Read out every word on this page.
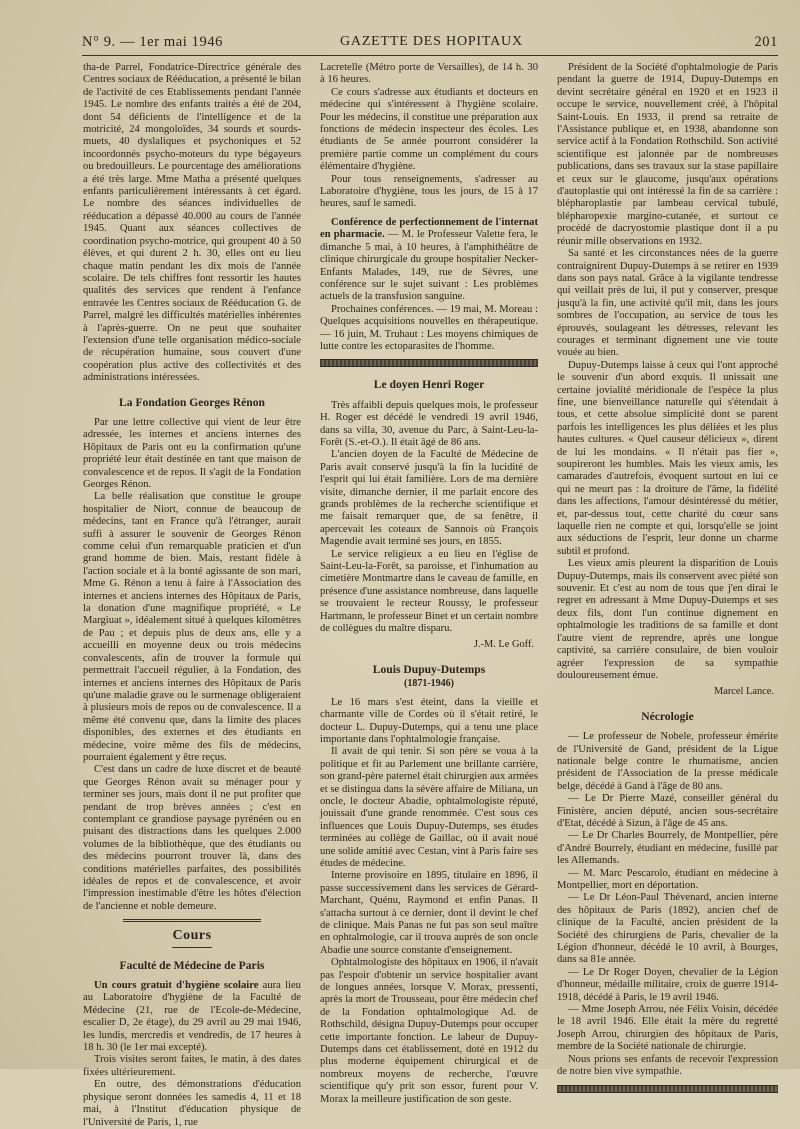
N° 9. — 1er mai 1946	GAZETTE DES HOPITAUX	201

tha-de Parrel, Fondatrice-Directrice générale des Centres sociaux de Rééducation, a présenté le bilan de l'activité de ces Etablissements pendant l'année 1945. Le nombre des enfants traités a été de 204, dont 54 déficients de l'intelligence et de la motricité, 24 mongoloïdes, 34 sourds et sourds-muets, 40 dyslaliques et psychoniques et 52 incoordonnés psycho-moteurs du type bégayeurs ou bredouilleurs. Le pourcentage des améliorations a été très large. Mme Matha a présenté quelques enfants particulièrement intéressants à cet égard. Le nombre des séances individuelles de rééducation a dépassé 40.000 au cours de l'année 1945. Quant aux séances collectives de coordination psycho-motrice, qui groupent 40 à 50 élèves, et qui durent 2 h. 30, elles ont eu lieu chaque matin pendant les dix mois de l'année scolaire. De tels chiffres font ressortir les hautes qualités des services que rendent à l'enfance entravée les Centres sociaux de Rééducation G. de Parrel, malgré les difficultés matérielles inhérentes à l'après-guerre. On ne peut que souhaiter l'extension d'une telle organisation médico-sociale de récupération humaine, sous couvert d'une coopération plus active des collectivités et des administrations intéressées.

La Fondation Georges Rénon

Par une lettre collective qui vient de leur être adressée, les internes et anciens internes des Hôpitaux de Paris ont eu la confirmation qu'une propriété leur était destinée en tant que maison de convalescence et de repos. Il s'agit de la Fondation Georges Rénon.

La belle réalisation que constitue le groupe hospitalier de Niort, connue de beaucoup de médecins, tant en France qu'à l'étranger, aurait suffi à assurer le souvenir de Georges Rénon comme celui d'un remarquable praticien et d'un grand homme de bien. Mais, restant fidèle à l'action sociale et à la bonté agissante de son mari, Mme G. Rénon a tenu à faire à l'Association des internes et anciens internes des Hôpitaux de Paris, la donation d'une magnifique propriété, « Le Margiuat », idéalement situé à quelques kilomètres de Pau ; et depuis plus de deux ans, elle y a accueilli en moyenne deux ou trois médecins convalescents, afin de trouver la formule qui permettrait l'accueil régulier, à la Fondation, des internes et anciens internes des Hôpitaux de Paris qu'une maladie grave ou le surmenage obligeraient à plusieurs mois de repos ou de convalescence. Il a même été convenu que, dans la limite des places disponibles, des externes et des étudiants en médecine, voire même des fils de médecins, pourraient également y être reçus.

C'est dans un cadre de luxe discret et de beauté que Georges Rénon avait su ménager pour y terminer ses jours, mais dont il ne put profiter que pendant de trop brèves années ; c'est en contemplant ce grandiose paysage pyrénéen ou en puisant des distractions dans les quelques 2.000 volumes de la bibliothèque, que des étudiants ou des médecins pourront trouver là, dans des conditions matérielles parfaites, des possibilités idéales de repos et de convalescence, et avoir l'impression inestimable d'être les hôtes d'élection de l'ancienne et noble demeure.

Cours
Faculté de Médecine de Paris

Un cours gratuit d'hygiène scolaire aura lieu au Laboratoire d'hygiène de la Faculté de Médecine (21, rue de l'Ecole-de-Médecine, escalier D, 2e étage), du 29 avril au 29 mai 1946, les lundis, mercredis et vendredis, de 17 heures à 18 h. 30 (le 1er mai excepté).

Trois visites seront faites, le matin, à des dates fixées ultérieurement.

En outre, des démonstrations d'éducation physique seront données les samedis 4, 11 et 18 mai, à l'Institut d'éducation physique de l'Université de Paris, 1, rue

Lacretelle (Métro porte de Versailles), de 14 h. 30 à 16 heures.

Ce cours s'adresse aux étudiants et docteurs en médecine qui s'intéressent à l'hygiène scolaire. Pour les médecins, il constitue une préparation aux fonctions de médecin inspecteur des écoles. Les étudiants de 5e année pourront considérer la première partie comme un complément du cours élémentaire d'hygiène.

Pour tous renseignements, s'adresser au Laboratoire d'hygiène, tous les jours, de 15 à 17 heures, sauf le samedi.

Conférence de perfectionnement de l'internat en pharmacie. — M. le Professeur Valette fera, le dimanche 5 mai, à 10 heures, à l'amphithéâtre de clinique chirurgicale du groupe hospitalier Necker-Enfants Malades, 149, rue de Sèvres, une conférence sur le sujet suivant : Les problèmes actuels de la transfusion sanguine.

Prochaines conférences. — 19 mai, M. Moreau : Quelques acquisitions nouvelles en thérapeutique. — 16 juin, M. Truhaut : Les moyens chimiques de lutte contre les ectoparasites de l'homme.

Le doyen Henri Roger

Très affaibli depuis quelques mois, le professeur H. Roger est décédé le vendredi 19 avril 1946, dans sa villa, 30, avenue du Parc, à Saint-Leu-la-Forêt (S.-et-O.). Il était âgé de 86 ans.

L'ancien doyen de la Faculté de Médecine de Paris avait conservé jusqu'à la fin la lucidité de l'esprit qui lui était familière. Lors de ma dernière visite, dimanche dernier, il me parlait encore des grands problèmes de la recherche scientifique et me faisait remarquer que, de sa fenêtre, il apercevait les coteaux de Sannois où François Magendie avait terminé ses jours, en 1855.

Le service religieux a eu lieu en l'église de Saint-Leu-la-Forêt, sa paroisse, et l'inhumation au cimetière Montmartre dans le caveau de famille, en présence d'une assistance nombreuse, dans laquelle se trouvaient le recteur Roussy, le professeur Hartmann, le professeur Binet et un certain nombre de collègues du maître disparu.

J.-M. Le Goff.
Louis Dupuy-Dutemps
(1871-1946)

Le 16 mars s'est éteint, dans la vieille et charmante ville de Cordes où il s'était retiré, le docteur L. Dupuy-Dutemps, qui a tenu une place importante dans l'ophtalmologie française.

Il avait de qui tenir. Si son père se voua à la politique et fit au Parlement une brillante carrière, son grand-père paternel était chirurgien aux armées et se distingua dans la sévère affaire de Miliana, un oncle, le docteur Abadie, ophtalmologiste réputé, jouissait d'une grande renommée. C'est sous ces influences que Louis Dupuy-Dutemps, ses études terminées au collège de Gaillac, où il avait noué une solide amitié avec Cestan, vint à Paris faire ses études de médecine.

Interne provisoire en 1895, titulaire en 1896, il passe successivement dans les services de Gérard-Marchant, Quénu, Raymond et enfin Panas. Il s'attacha surtout à ce dernier, dont il devint le chef de clinique. Mais Panas ne fut pas son seul maître en ophtalmologie, car il trouva auprès de son oncle Abadie une source constante d'enseignement.

Ophtalmologiste des hôpitaux en 1906, il n'avait pas l'espoir d'obtenir un service hospitalier avant de longues années, lorsque V. Morax, pressenti, après la mort de Trousseau, pour être médecin chef de la Fondation ophtalmologique Ad. de Rothschild, désigna Dupuy-Dutemps pour occuper cette importante fonction. Le labeur de Dupuy-Dutemps dans cet établissement, doté en 1912 du plus moderne équipement chirurgical et de nombreux moyens de recherche, l'œuvre scientifique qu'y prit son essor, furent pour V. Morax la meilleure justification de son geste.

Président de la Société d'ophtalmologie de Paris pendant la guerre de 1914, Dupuy-Dutemps en devint secrétaire général en 1920 et en 1923 il occupe le service, nouvellement créé, à l'hôpital Saint-Louis. En 1933, il prend sa retraite de l'Assistance publique et, en 1938, abandonne son service actif à la Fondation Rothschild. Son activité scientifique est jalonnée par de nombreuses publications, dans ses travaux sur la stase papillaire et ceux sur le glaucome, jusqu'aux opérations d'autoplastie qui ont intéressé la fin de sa carrière : blépharoplastie par lambeau cervical tubulé, blépharopexie margino-cutanée, et surtout ce procédé de dacryostomie plastique dont il a pu réunir mille observations en 1932.

Sa santé et les circonstances nées de la guerre contraignirent Dupuy-Dutemps à se retirer en 1939 dans son pays natal. Grâce à la vigilante tendresse qui veillait près de lui, il put y conserver, presque jusqu'à la fin, une activité qu'il mit, dans les jours sombres de l'occupation, au service de tous les éprouvés, soulageant les détresses, relevant les courages et terminant dignement une vie toute vouée au bien.

Dupuy-Dutemps laisse à ceux qui l'ont approché le souvenir d'un abord exquis. Il unissait une certaine jovialité méridionale de l'espèce la plus fine, une bienveillance naturelle qui s'étendait à tous, et cette absolue simplicité dont se parent parfois les intelligences les plus déliées et les plus hautes cultures. « Quel causeur délicieux », dirent de lui les mondains. « Il n'était pas fier », soupireront les humbles. Mais les vieux amis, les camarades d'autrefois, évoquent surtout en lui ce qui ne meurt pas : la droiture de l'âme, la fidélité dans les affections, l'amour désintéressé du métier, et, par-dessus tout, cette charité du cœur sans laquelle rien ne compte et qui, lorsqu'elle se joint aux séductions de l'esprit, leur donne un charme subtil et profond.

Les vieux amis pleurent la disparition de Louis Dupuy-Dutemps, mais ils conservent avec piété son souvenir. Et c'est au nom de tous que j'en dirai le regret en adressant à Mme Dupuy-Dutemps et ses deux fils, dont l'un continue dignement en ophtalmologie les traditions de sa famille et dont l'autre vient de reprendre, après une longue captivité, sa carrière consulaire, de bien vouloir agréer l'expression de sa sympathie douloureusement émue.

Marcel Lance.
Nécrologie

— Le professeur de Nobele, professeur émérite de l'Université de Gand, président de la Ligue nationale belge contre le rhumatisme, ancien président de l'Association de la presse médicale belge, décédé à Gand à l'âge de 80 ans.

— Le Dr Pierre Mazé, conseiller général du Finistère, ancien député, ancien sous-secrétaire d'Etat, décédé à Sizun, à l'âge de 45 ans.

— Le Dr Charles Bourrely, de Montpellier, père d'André Bourrely, étudiant en médecine, fusillé par les Allemands.

— M. Marc Pescarolo, étudiant en médecine à Montpellier, mort en déportation.

— Le Dr Léon-Paul Thévenard, ancien interne des hôpitaux de Paris (1892), ancien chef de clinique de la Faculté, ancien président de la Société des chirurgiens de Paris, chevalier de la Légion d'honneur, décédé le 10 avril, à Bourges, dans sa 81e année.

— Le Dr Roger Doyen, chevalier de la Légion d'honneur, médaille militaire, croix de guerre 1914-1918, décédé à Paris, le 19 avril 1946.

— Mme Joseph Arrou, née Félix Voisin, décédée le 18 avril 1946. Elle était la mère du regretté Joseph Arrou, chirurgien des hôpitaux de Paris, membre de la Société nationale de chirurgie.

Nous prions ses enfants de recevoir l'expression de notre bien vive sympathie.
